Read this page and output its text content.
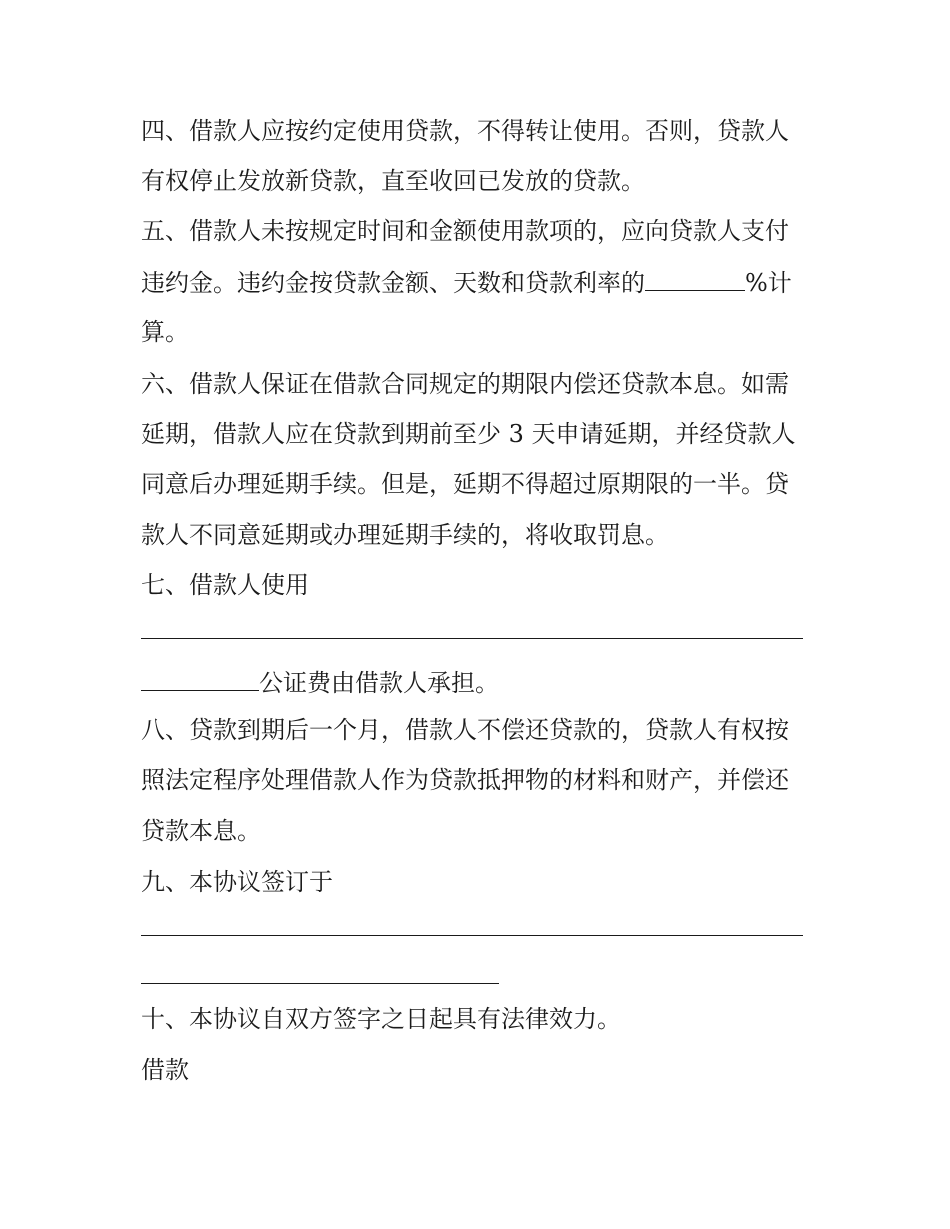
四、借款人应按约定使用贷款，不得转让使用。否则，贷款人
有权停止发放新贷款，直至收回已发放的贷款。
五、借款人未按规定时间和金额使用款项的，应向贷款人支付
违约金。违约金按贷款金额、天数和贷款利率的	%计
算。
六、借款人保证在借款合同规定的期限内偿还贷款本息。如需
延期，借款人应在贷款到期前至少 3 天申请延期，并经贷款人
同意后办理延期手续。但是，延期不得超过原期限的一半。贷
款人不同意延期或办理延期手续的，将收取罚息。
七、借款人使用
公证费由借款人承担。
八、贷款到期后一个月，借款人不偿还贷款的，贷款人有权按
照法定程序处理借款人作为贷款抵押物的材料和财产，并偿还
贷款本息。
九、本协议签订于
十、本协议自双方签字之日起具有法律效力。
借款
